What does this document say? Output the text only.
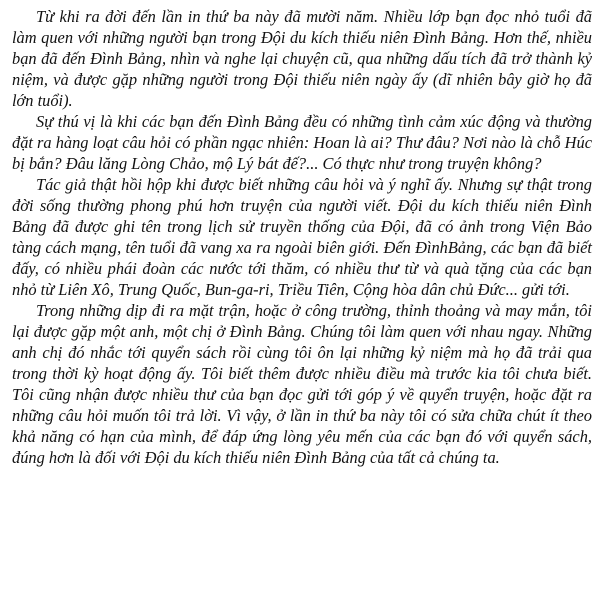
Từ khi ra đời đến lần in thứ ba này đã mười năm. Nhiều lớp bạn đọc nhỏ tuổi đã làm quen với những người bạn trong Đội du kích thiếu niên Đình Bảng. Hơn thế, nhiều bạn đã đến Đình Bảng, nhìn và nghe lại chuyện cũ, qua những dấu tích đã trở thành kỷ niệm, và được gặp những người trong Đội thiếu niên ngày ấy (dĩ nhiên bây giờ họ đã lớn tuổi).

Sự thú vị là khi các bạn đến Đình Bảng đều có những tình cảm xúc động và thường đặt ra hàng loạt câu hỏi có phần ngạc nhiên: Hoan là ai? Thư đâu? Nơi nào là chỗ Húc bị bắn? Đâu lăng Lòng Chảo, mộ Lý bát đế?... Có thực như trong truyện không?

Tác giả thật hồi hộp khi được biết những câu hỏi và ý nghĩ ấy. Nhưng sự thật trong đời sống thường phong phú hơn truyện của người viết. Đội du kích thiếu niên Đình Bảng đã được ghi tên trong lịch sử truyền thống của Đội, đã có ảnh trong Viện Bảo tàng cách mạng, tên tuổi đã vang xa ra ngoài biên giới. Đến ĐìnhBảng, các bạn đã biết đấy, có nhiều phái đoàn các nước tới thăm, có nhiều thư từ và quà tặng của các bạn nhỏ từ Liên Xô, Trung Quốc, Bun-ga-ri, Triều Tiên, Cộng hòa dân chủ Đức... gửi tới.

Trong những dịp đi ra mặt trận, hoặc ở công trường, thỉnh thoảng và may mắn, tôi lại được gặp một anh, một chị ở Đình Bảng. Chúng tôi làm quen với nhau ngay. Những anh chị đó nhắc tới quyển sách rồi cùng tôi ôn lại những kỷ niệm mà họ đã trải qua trong thời kỳ hoạt động ấy. Tôi biết thêm được nhiều điều mà trước kia tôi chưa biết. Tôi cũng nhận được nhiều thư của bạn đọc gửi tới góp ý về quyển truyện, hoặc đặt ra những câu hỏi muốn tôi trả lời. Vì vậy, ở lần in thứ ba này tôi có sửa chữa chút ít theo khả năng có hạn của mình, để đáp ứng lòng yêu mến của các bạn đó với quyển sách, đúng hơn là đối với Đội du kích thiếu niên Đình Bảng của tất cả chúng ta.
